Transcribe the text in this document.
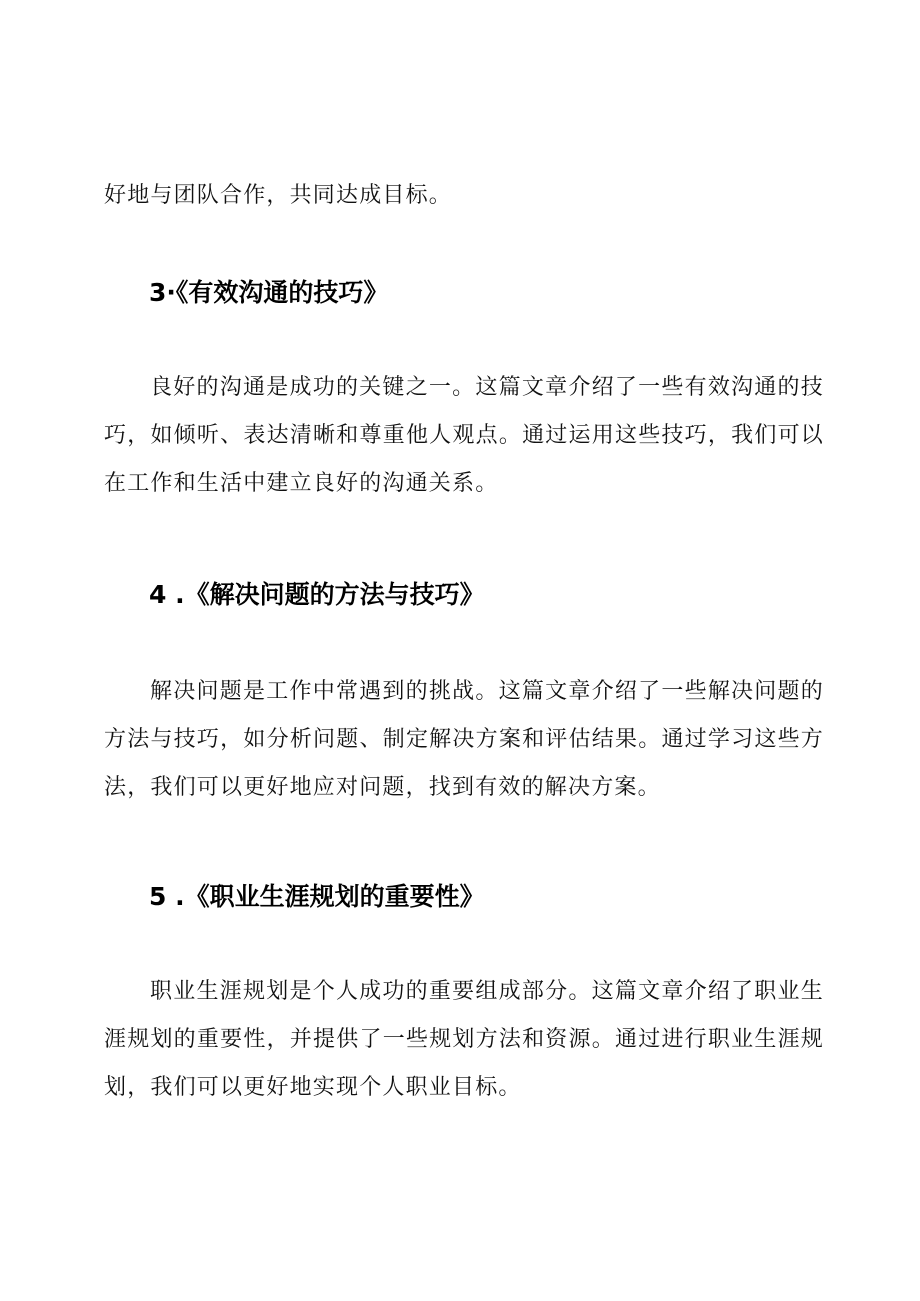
好地与团队合作，共同达成目标。

3·《有效沟通的技巧》

良好的沟通是成功的关键之一。这篇文章介绍了一些有效沟通的技巧，如倾听、表达清晰和尊重他人观点。通过运用这些技巧，我们可以在工作和生活中建立良好的沟通关系。

4 .《解决问题的方法与技巧》

解决问题是工作中常遇到的挑战。这篇文章介绍了一些解决问题的方法与技巧，如分析问题、制定解决方案和评估结果。通过学习这些方法，我们可以更好地应对问题，找到有效的解决方案。

5 .《职业生涯规划的重要性》

职业生涯规划是个人成功的重要组成部分。这篇文章介绍了职业生涯规划的重要性，并提供了一些规划方法和资源。通过进行职业生涯规划，我们可以更好地实现个人职业目标。
